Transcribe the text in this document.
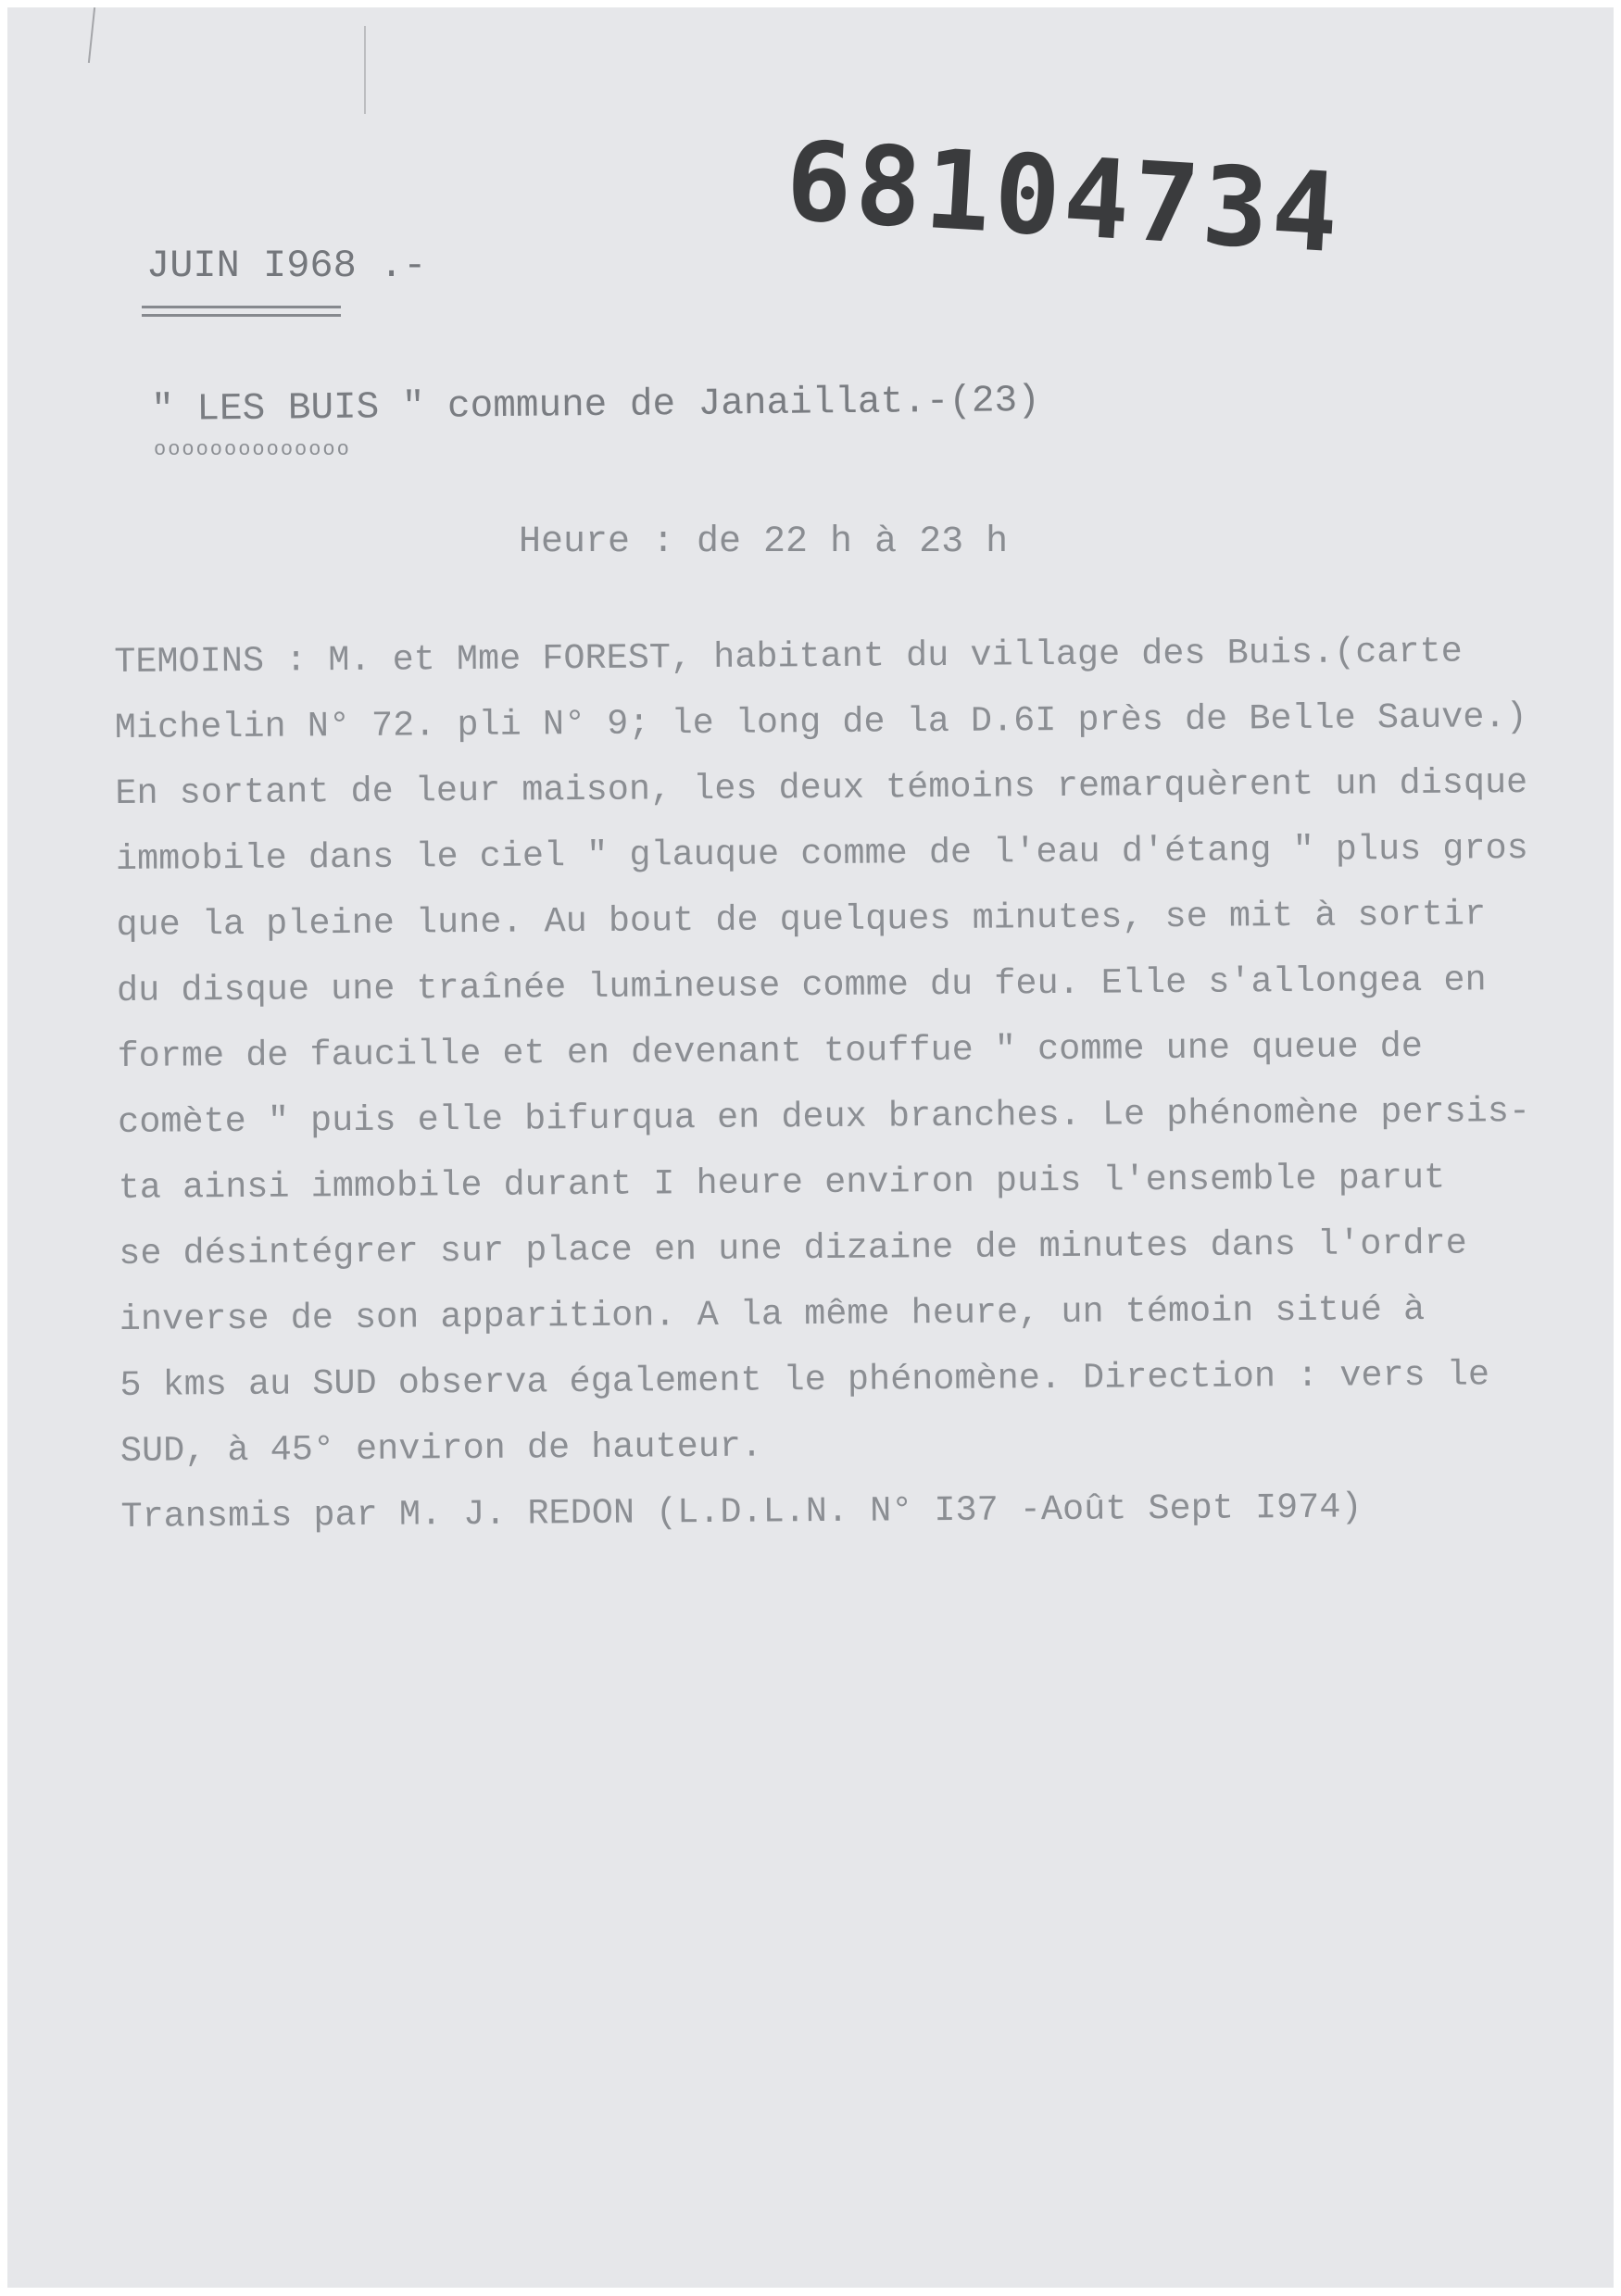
68104734
JUIN I968 .-
" LES BUIS " commune de Janaillat.-(23)
oooooooooooooo
Heure : de 22 h à 23 h
TEMOINS : M. et Mme FOREST, habitant du village des Buis.(carte
Michelin N° 72. pli N° 9; le long de la D.6I près de Belle Sauve.)
En sortant de leur maison, les deux témoins remarquèrent un disque
immobile dans le ciel " glauque comme de l'eau d'étang " plus gros
que la pleine lune. Au bout de quelques minutes, se mit à sortir
du disque une traînée lumineuse comme du feu. Elle s'allongea en
forme de faucille et en devenant touffue " comme une queue de
comète " puis elle bifurqua en deux branches. Le phénomène persis-
ta ainsi immobile durant I heure environ puis l'ensemble parut
se désintégrer sur place en une dizaine de minutes dans l'ordre
inverse de son apparition. A la même heure, un témoin situé à
5 kms au SUD observa également le phénomène. Direction : vers le
SUD, à 45° environ de hauteur.
Transmis par M. J. REDON (L.D.L.N. N° I37 -Août Sept I974)
